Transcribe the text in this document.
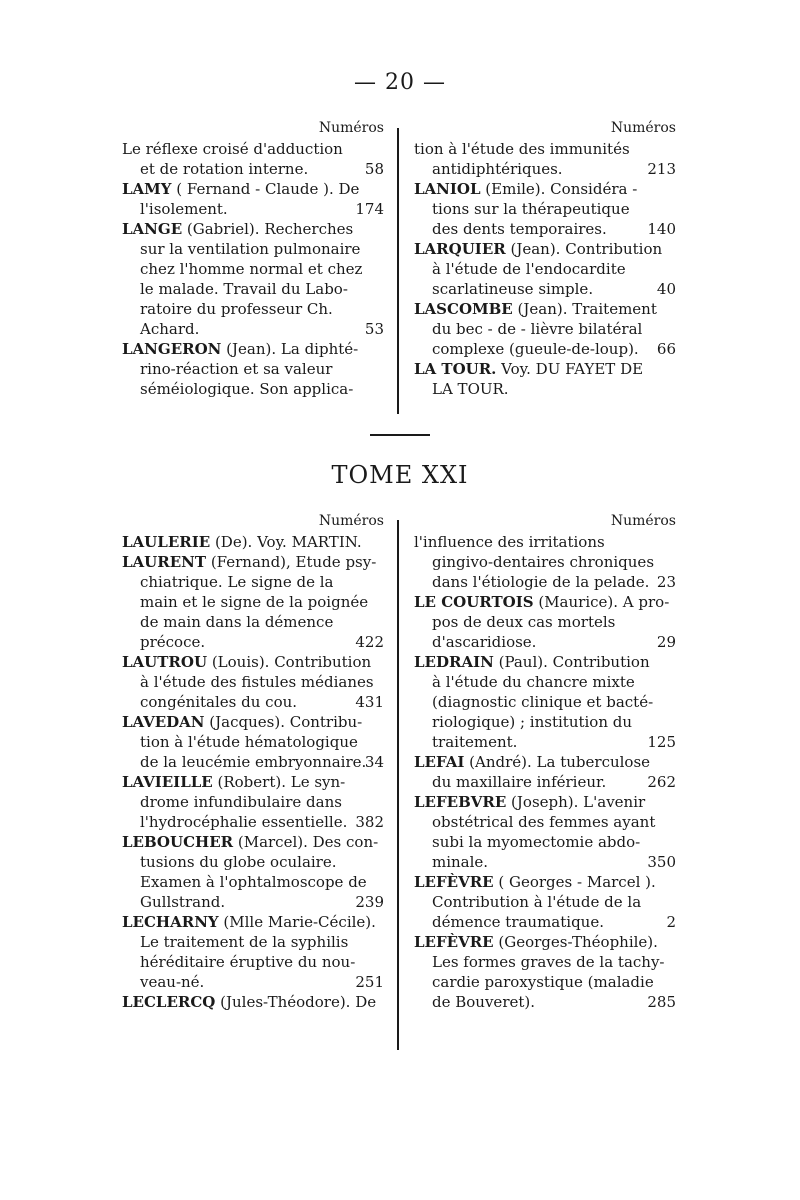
— 20 —
Numéros
Le réflexe croisé d'adduction
et de rotation interne.	58
LAMY ( Fernand - Claude ). De
l'isolement.	174
LANGE (Gabriel). Recherches
sur la ventilation pulmonaire
chez l'homme normal et chez
le malade. Travail du Labo-
ratoire du professeur Ch.
Achard.	53
LANGERON (Jean). La diphté-
rino-réaction et sa valeur
séméiologique. Son applica-
Numéros
tion à l'étude des immunités
antidiphtériques.	213
LANIOL (Emile). Considéra -
tions sur la thérapeutique
des dents temporaires.	140
LARQUIER (Jean). Contribution
à l'étude de l'endocardite
scarlatineuse simple.	40
LASCOMBE (Jean). Traitement
du bec - de - lièvre bilatéral
complexe (gueule-de-loup).	66
LA TOUR. Voy. DU FAYET DE
LA TOUR.
TOME XXI
Numéros
LAULERIE (De). Voy. MARTIN.
LAURENT (Fernand), Etude psy-
chiatrique. Le signe de la
main et le signe de la poignée
de main dans la démence
précoce.	422
LAUTROU (Louis). Contribution
à l'étude des fistules médianes
congénitales du cou.	431
LAVEDAN (Jacques). Contribu-
tion à l'étude hématologique
de la leucémie embryonnaire.
34
LAVIEILLE (Robert). Le syn-
drome infundibulaire dans
l'hydrocéphalie essentielle. 382
LEBOUCHER (Marcel). Des con-
tusions du globe oculaire.
Examen à l'ophtalmoscope de
Gullstrand.	239
LECHARNY (Mlle Marie-Cécile).
Le traitement de la syphilis
héréditaire éruptive du nou-
veau-né.	251
LECLERCQ (Jules-Théodore). De
Numéros
l'influence des irritations
gingivo-dentaires chroniques
dans l'étiologie de la pelade. 23
LE COURTOIS (Maurice). A pro-
pos de deux cas mortels
d'ascaridiose.	29
LEDRAIN (Paul). Contribution
à l'étude du chancre mixte
(diagnostic clinique et bacté-
riologique) ; institution du
traitement.	125
LEFAI (André). La tuberculose
du maxillaire inférieur.	262
LEFEBVRE (Joseph). L'avenir
obstétrical des femmes ayant
subi la myomectomie abdo-
minale.	350
LEFÈVRE ( Georges - Marcel ).
Contribution à l'étude de la
démence traumatique.	2
LEFÈVRE (Georges-Théophile).
Les formes graves de la tachy-
cardie paroxystique (maladie
de Bouveret).	285
